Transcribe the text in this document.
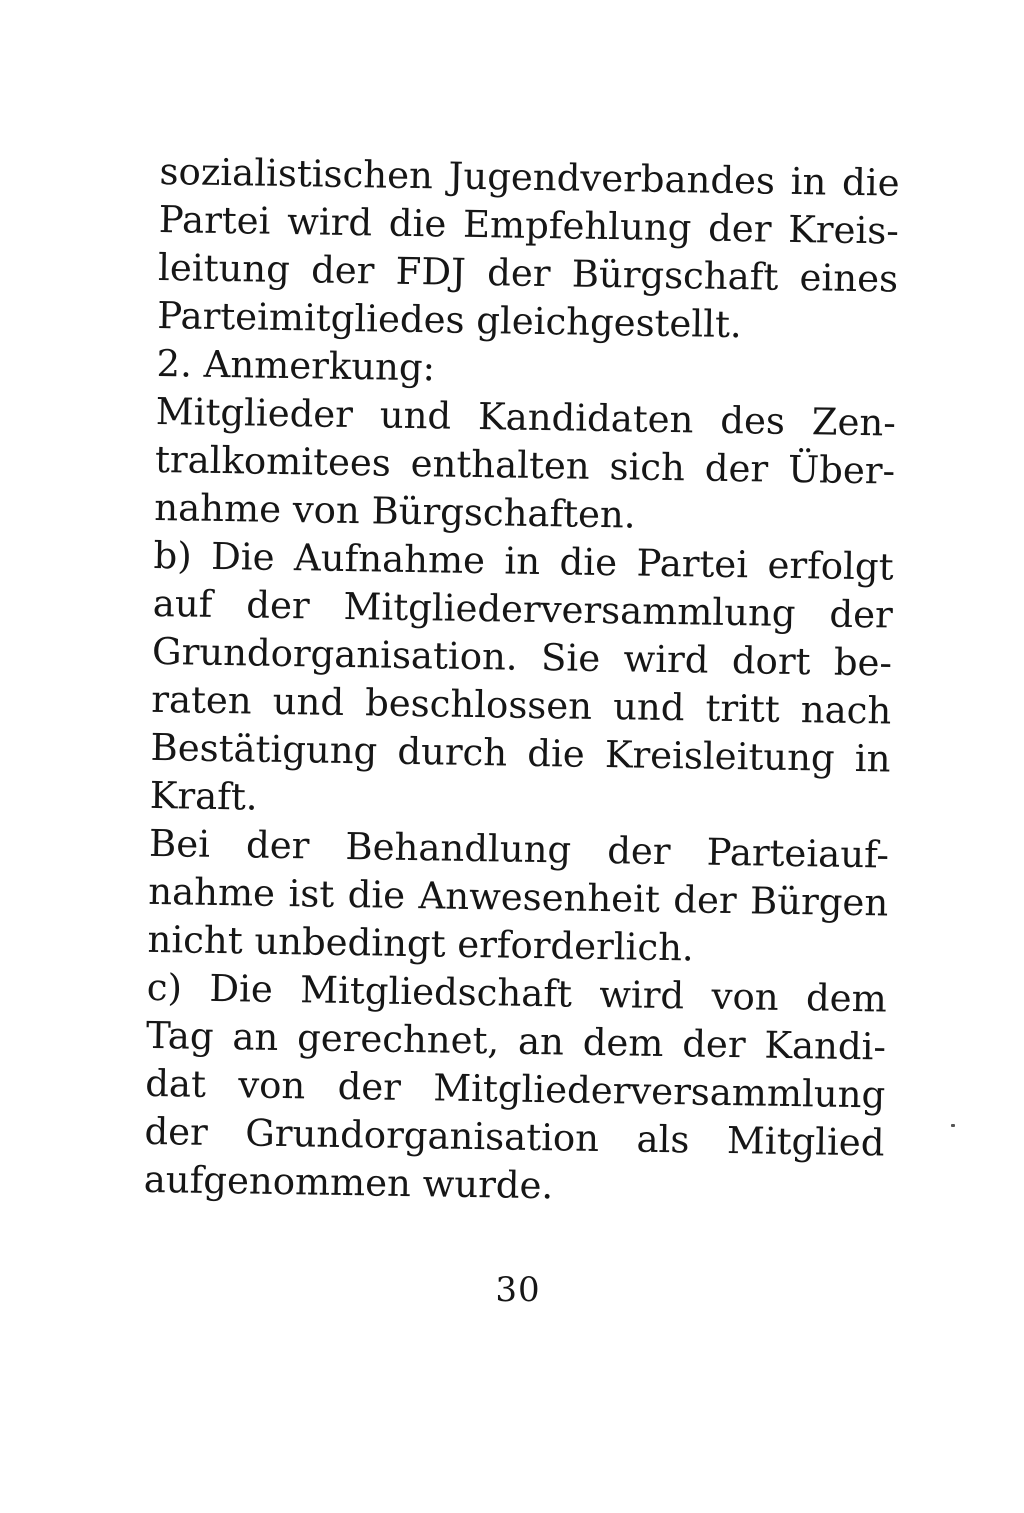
sozialistischen Jugendverbandes in die
Partei wird die Empfehlung der Kreis-
leitung der FDJ der Bürgschaft eines
Parteimitgliedes gleichgestellt.
2. Anmerkung:
Mitglieder und Kandidaten des Zen-
tralkomitees enthalten sich der Über-
nahme von Bürgschaften.
b) Die Aufnahme in die Partei erfolgt
auf der Mitgliederversammlung der
Grundorganisation. Sie wird dort be-
raten und beschlossen und tritt nach
Bestätigung durch die Kreisleitung in
Kraft.
Bei der Behandlung der Parteiauf-
nahme ist die Anwesenheit der Bürgen
nicht unbedingt erforderlich.
c) Die Mitgliedschaft wird von dem
Tag an gerechnet, an dem der Kandi-
dat von der Mitgliederversammlung
der Grundorganisation als Mitglied
aufgenommen wurde.
30
